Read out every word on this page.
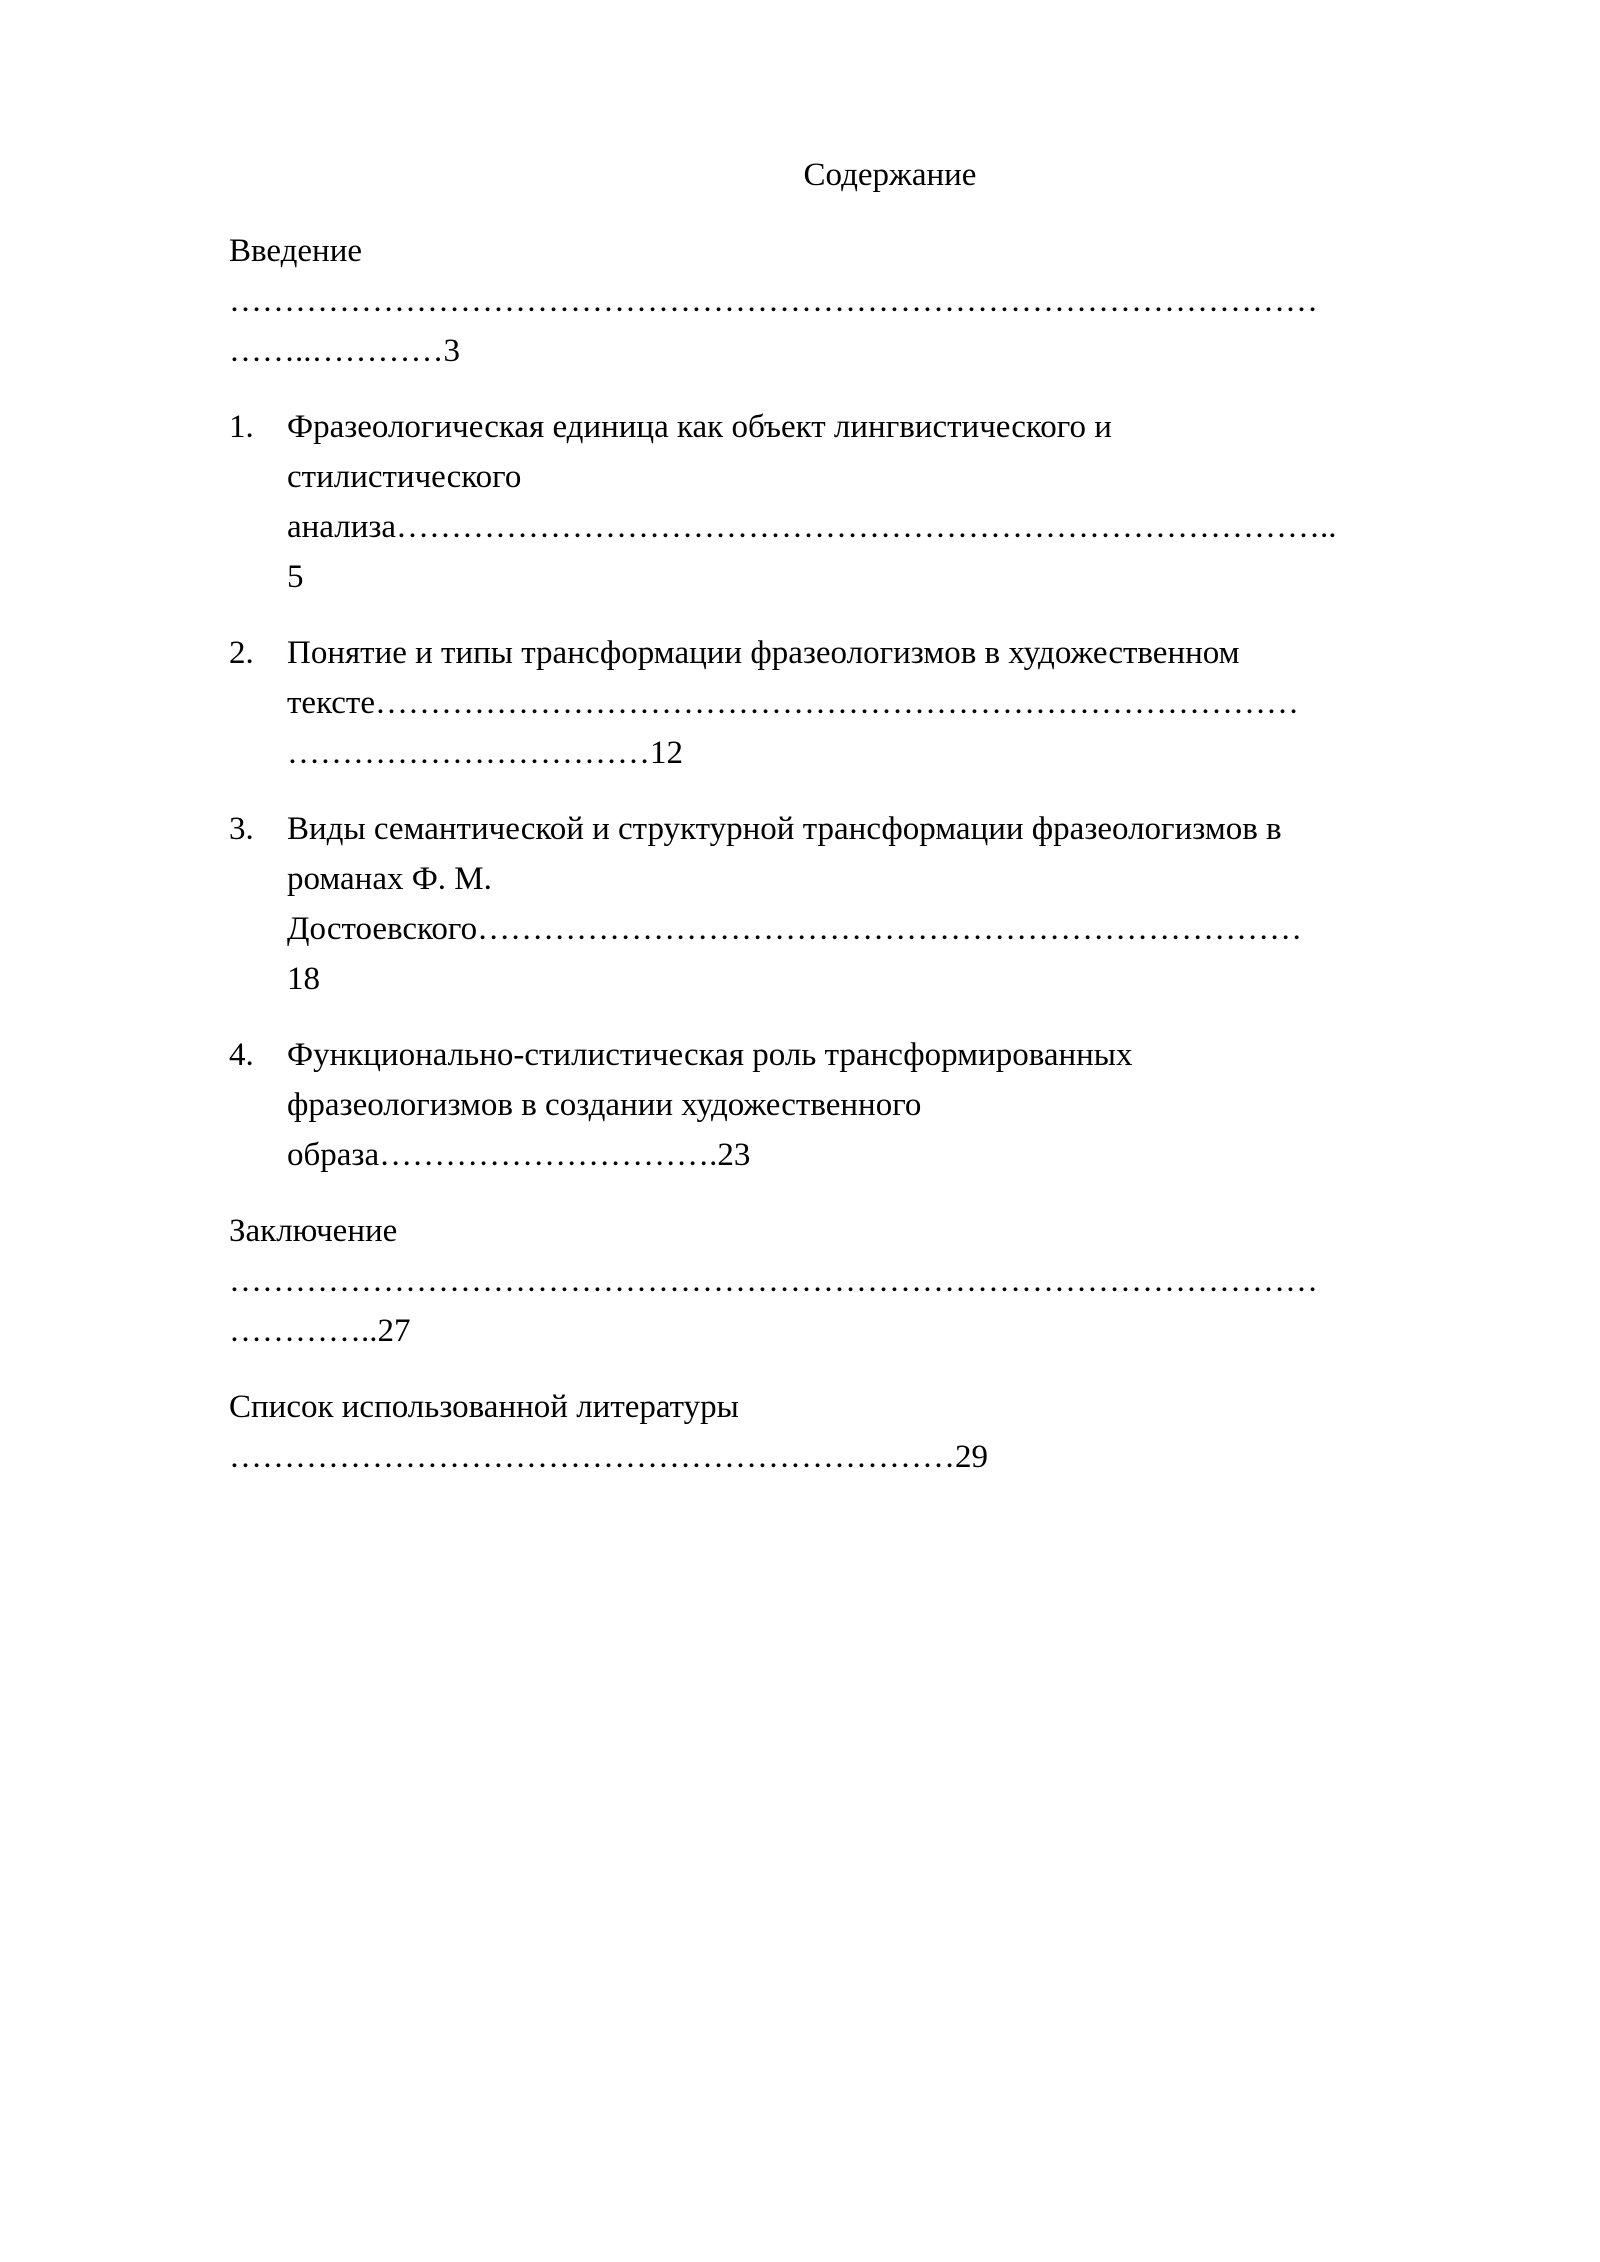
Содержание
Введение
………………………………………………………………………………………
……..…………3
1. Фразеологическая единица как объект лингвистического и
стилистического
анализа…………………………………………………………………………..
5
2. Понятие и типы трансформации фразеологизмов в художественном
тексте…………………………………………………………………………
……………………………12
3. Виды семантической и структурной трансформации фразеологизмов в
романах Ф. М.
Достоевского…………………………………………………………………
18
4. Функционально-стилистическая роль трансформированных
фразеологизмов в создании художественного
образа………………………….23
Заключение
………………………………………………………………………………………
…………..27
Список использованной литературы
…………………………………………………………29
